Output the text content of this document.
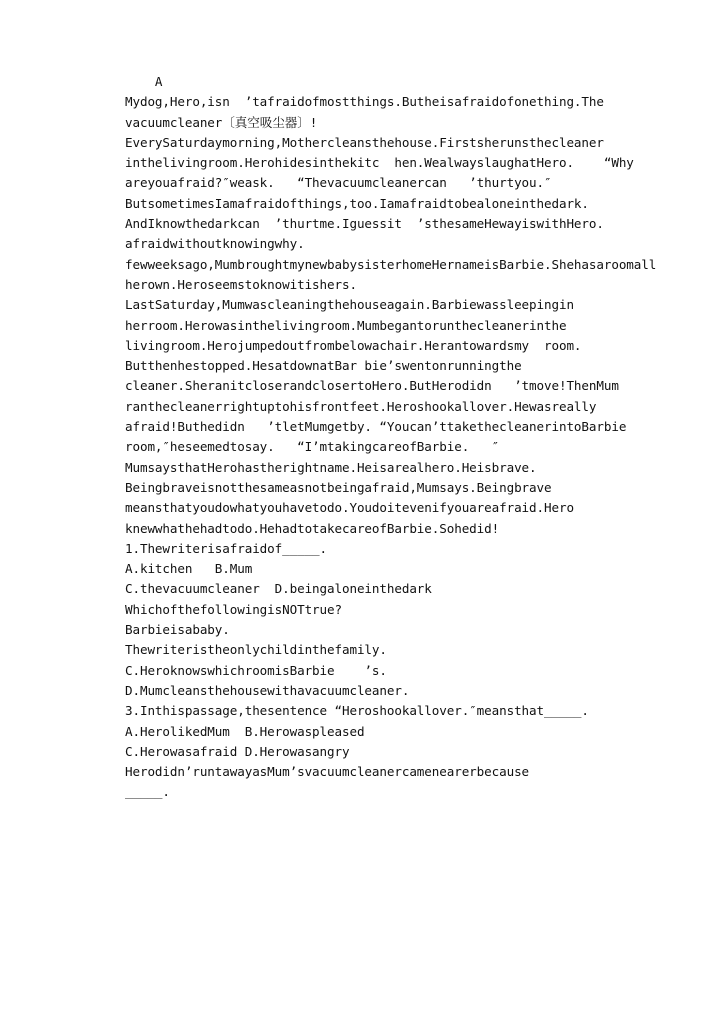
A
Mydog,Hero,isn  ’tafraidofmostthings.Butheisafraidofonething.The
vacuumcleaner〔真空吸尘器〕!
EverySaturdaymorning,Mothercleansthehouse.Firstsherunsthecleaner
inthelivingroom.Herohidesinthekitc  hen.WealwayslaughatHero.    “Why
areyouafraid?″weask.   “Thevacuumcleanercan   ’thurtyou.″
ButsometimesIamafraidofthings,too.Iamafraidtobealoneinthedark.
AndIknowthedarkcan  ’thurtme.Iguessit  ’sthesameHewayiswithHero.
afraidwithoutknowingwhy.
fewweeksago,MumbroughtmynewbabysisterhomeHernameisBarbie.Shehasaroomall
herown.Heroseemstoknowitishers.
LastSaturday,Mumwascleaningthehouseagain.Barbiewassleepingin
herroom.Herowasinthelivingroom.Mumbegantorunthecleanerinthe
livingroom.Herojumpedoutfrombelowachair.Herantowardsmy  room.
Butthenhestopped.HesatdownatBar bie’swentonrunningthe
cleaner.SheranitcloserandclosertoHero.ButHerodidn   ’tmove!ThenMum
ranthecleanerrightuptohisfrontfeet.Heroshookallover.Hewasreally
afraid!Buthedidn   ’tletMumgetby. “Youcan’ttakethecleanerintoBarbie
room,″heseemedtosay.   “I’mtakingcareofBarbie.   ″
MumsaysthatHerohastherightname.Heisarealhero.Heisbrave.
Beingbraveisnotthesameasnotbeingafraid,Mumsays.Beingbrave
meansthatyoudowhatyouhavetodo.Youdoitevenifyouareafraid.Hero
knewwhathehadtodo.HehadtotakecareofBarbie.Sohedid!
1.Thewriterisafraidof_____.
A.kitchen   B.Mum
C.thevacuumcleaner  D.beingaloneinthedark
WhichofthefollowingisNOTtrue?
Barbieisababy.
Thewriteristheonlychildinthefamily.
C.HeroknowswhichroomisBarbie    ’s.
D.Mumcleansthehousewithavacuumcleaner.
3.Inthispassage,thesentence “Heroshookallover.″meansthat_____.
A.HerolikedMum  B.Herowaspleased
C.Herowasafraid D.Herowasangry
Herodidn’runtawayasMum’svacuumcleanercamenearerbecause
_____.
